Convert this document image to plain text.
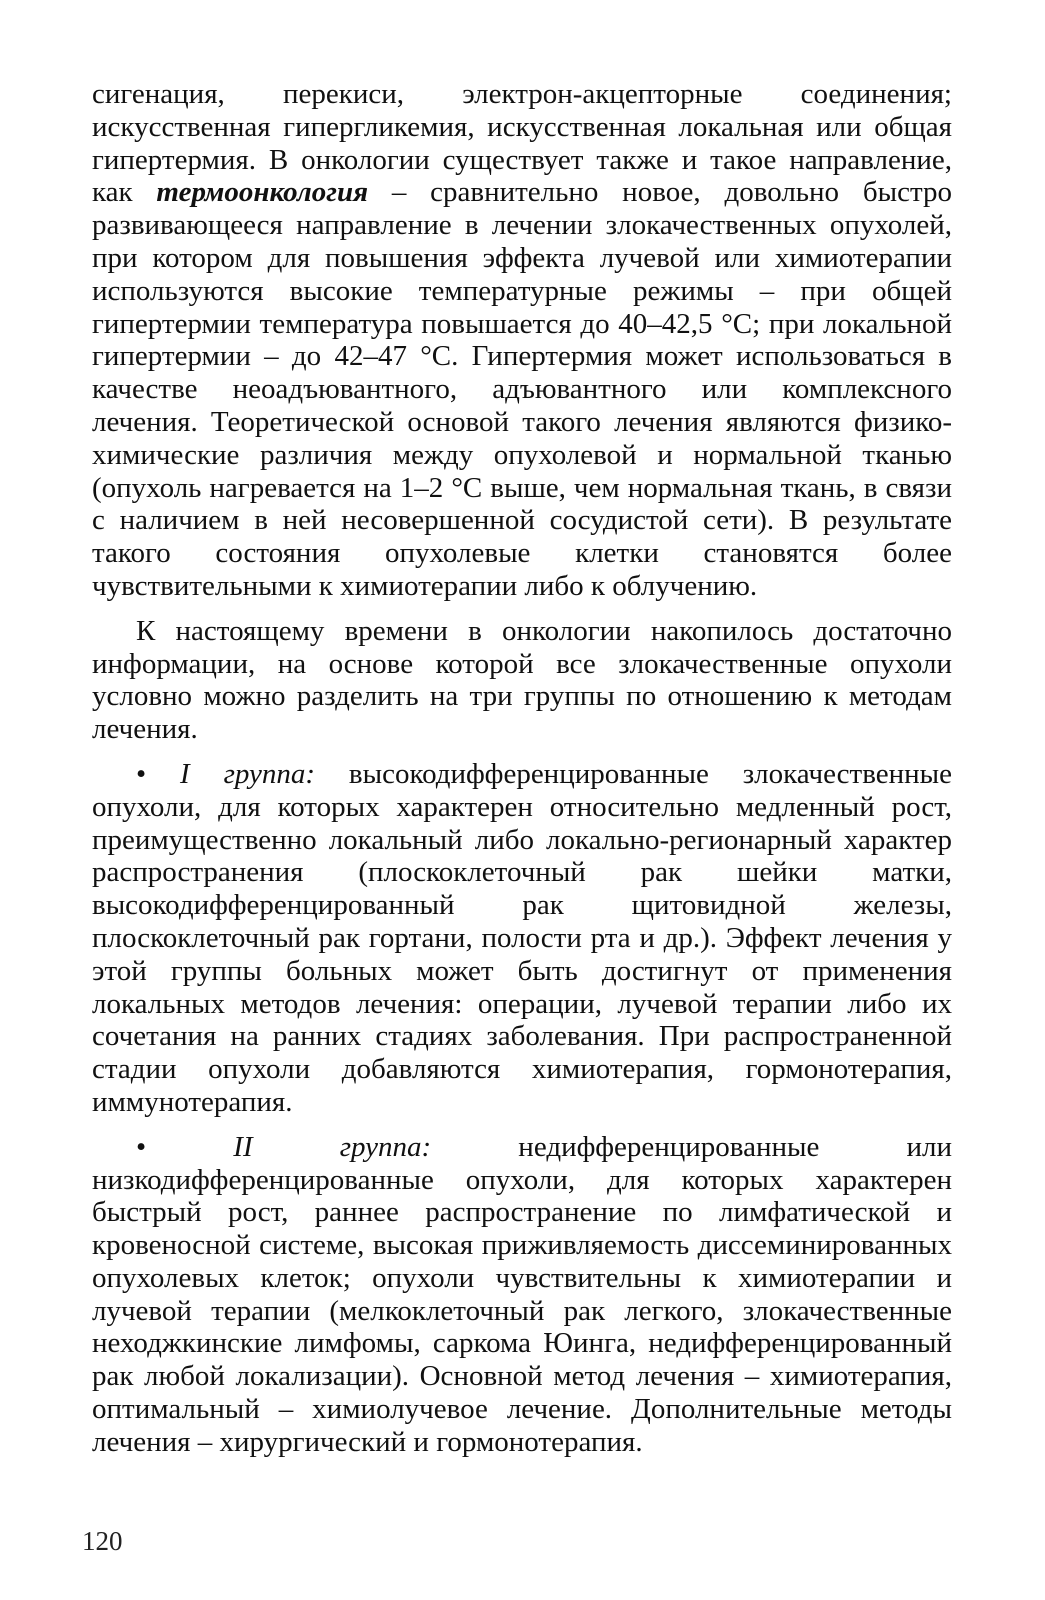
сигенация, перекиси, электрон-акцепторные соединения; искусственная гипергликемия, искусственная локальная или общая гипертермия. В онкологии существует также и такое направление, как термоонкология – сравнительно новое, довольно быстро развивающееся направление в лечении злокачественных опухолей, при котором для повышения эффекта лучевой или химиотерапии используются высокие температурные режимы – при общей гипертермии температура повышается до 40–42,5 °С; при локальной гипертермии – до 42–47 °С. Гипертермия может использоваться в качестве неоадъювантного, адъювантного или комплексного лечения. Теоретической основой такого лечения являются физико-химические различия между опухолевой и нормальной тканью (опухоль нагревается на 1–2 °С выше, чем нормальная ткань, в связи с наличием в ней несовершенной сосудистой сети). В результате такого состояния опухолевые клетки становятся более чувствительными к химиотерапии либо к облучению.

К настоящему времени в онкологии накопилось достаточно информации, на основе которой все злокачественные опухоли условно можно разделить на три группы по отношению к методам лечения.

• I группа: высокодифференцированные злокачественные опухоли, для которых характерен относительно медленный рост, преимущественно локальный либо локально-регионарный характер распространения (плоскоклеточный рак шейки матки, высокодифференцированный рак щитовидной железы, плоскоклеточный рак гортани, полости рта и др.). Эффект лечения у этой группы больных может быть достигнут от применения локальных методов лечения: операции, лучевой терапии либо их сочетания на ранних стадиях заболевания. При распространенной стадии опухоли добавляются химиотерапия, гормонотерапия, иммунотерапия.

•	II группа: недифференцированные или низкодифференцированные опухоли, для которых характерен быстрый рост, раннее распространение по лимфатической и кровеносной системе, высокая приживляемость диссеминированных опухолевых клеток; опухоли чувствительны к химиотерапии и лучевой терапии (мелкоклеточный рак легкого, злокачественные неходжкинские лимфомы, саркома Юинга, недифференцированный рак любой локализации). Основной метод лечения – химиотерапия, оптимальный – химиолучевое лечение. Дополнительные методы лечения – хирургический и гормонотерапия.

120
